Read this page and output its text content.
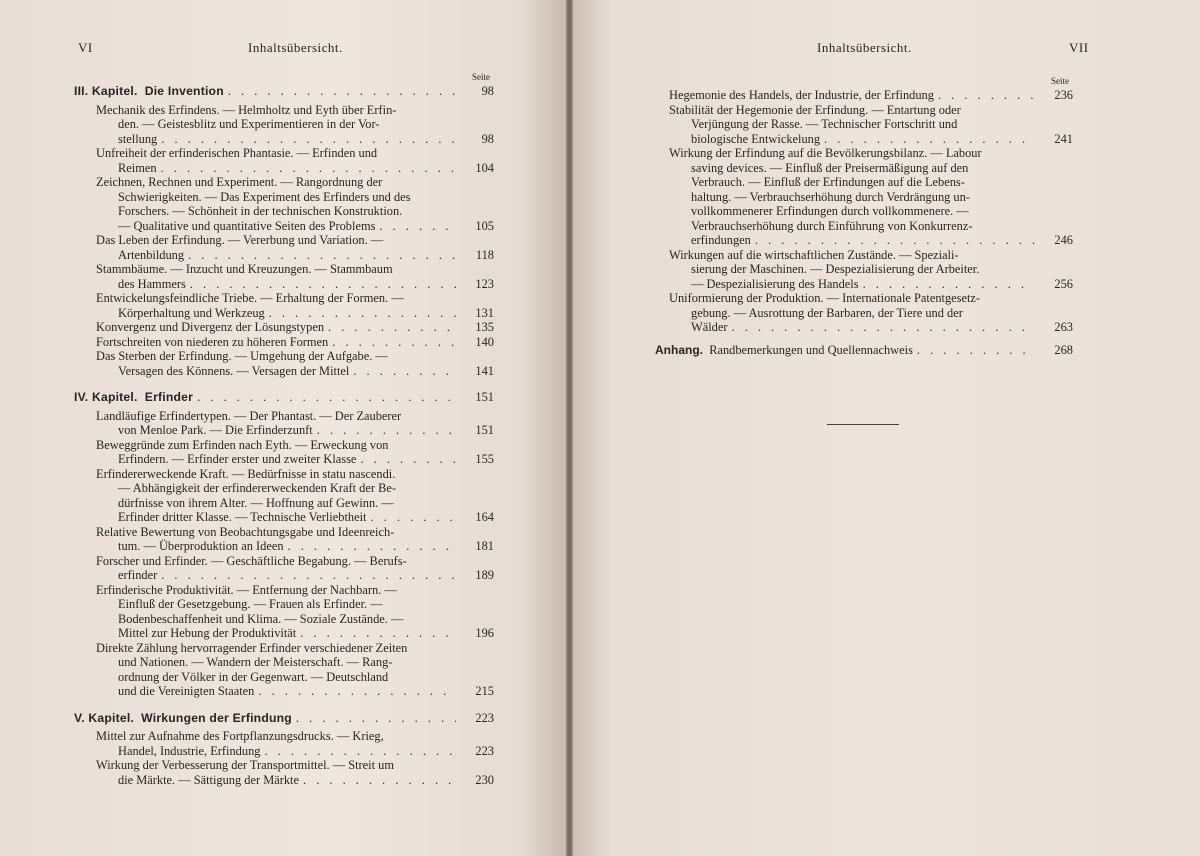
VI	Inhaltsübersicht.
Seite
III. Kapitel.  Die Invention . . .	98
Mechanik des Erfindens. — Helmholtz und Eyth über Erfin-
den. — Geistesblitz und Experimentieren in der Vor-
stellung . . .	98
Unfreiheit der erfinderischen Phantasie. — Erfinden und
Reimen . . .	104
Zeichnen, Rechnen und Experiment. — Rangordnung der
Schwierigkeiten. — Das Experiment des Erfinders und des
Forschers. — Schönheit in der technischen Konstruktion.
— Qualitative und quantitative Seiten des Problems . . .	105
Das Leben der Erfindung. — Vererbung und Variation. —
Artenbildung . . .	118
Stammbäume. — Inzucht und Kreuzungen. — Stammbaum
des Hammers . . .	123
Entwickelungsfeindliche Triebe. — Erhaltung der Formen. —
Körperhaltung und Werkzeug . . .	131
Konvergenz und Divergenz der Lösungstypen . . .	135
Fortschreiten von niederen zu höheren Formen . . .	140
Das Sterben der Erfindung. — Umgehung der Aufgabe. —
Versagen des Könnens. — Versagen der Mittel . . .	141
IV. Kapitel.  Erfinder . . .	151
Landläufige Erfindertypen. — Der Phantast. — Der Zauberer
von Menloe Park. — Die Erfinderzunft . . .	151
Beweggründe zum Erfinden nach Eyth. — Erweckung von
Erfindern. — Erfinder erster und zweiter Klasse . . .	155
Erfindererweckende Kraft. — Bedürfnisse in statu nascendi.
— Abhängigkeit der erfindererweckenden Kraft der Be-
dürfnisse von ihrem Alter. — Hoffnung auf Gewinn. —
Erfinder dritter Klasse. — Technische Verliebtheit . . .	164
Relative Bewertung von Beobachtungsgabe und Ideenreich-
tum. — Überproduktion an Ideen . . .	181
Forscher und Erfinder. — Geschäftliche Begabung. — Berufs-
erfinder . . .	189
Erfinderische Produktivität. — Entfernung der Nachbarn. —
Einfluß der Gesetzgebung. — Frauen als Erfinder. —
Bodenbeschaffenheit und Klima. — Soziale Zustände. —
Mittel zur Hebung der Produktivität . . .	196
Direkte Zählung hervorragender Erfinder verschiedener Zeiten
und Nationen. — Wandern der Meisterschaft. — Rang-
ordnung der Völker in der Gegenwart. — Deutschland
und die Vereinigten Staaten . . .	215
V. Kapitel.  Wirkungen der Erfindung . . .	223
Mittel zur Aufnahme des Fortpflanzungsdrucks. — Krieg,
Handel, Industrie, Erfindung . . .	223
Wirkung der Verbesserung der Transportmittel. — Streit um
die Märkte. — Sättigung der Märkte . . .	230
Inhaltsübersicht.	VII
Seite
Hegemonie des Handels, der Industrie, der Erfindung . . .	236
Stabilität der Hegemonie der Erfindung. — Entartung oder
Verjüngung der Rasse. — Technischer Fortschritt und
biologische Entwickelung . . .	241
Wirkung der Erfindung auf die Bevölkerungsbilanz. — Labour
saving devices. — Einfluß der Preisermäßigung auf den
Verbrauch. — Einfluß der Erfindungen auf die Lebens-
haltung. — Verbrauchserhöhung durch Verdrängung un-
vollkommenerer Erfindungen durch vollkommenere. —
Verbrauchserhöhung durch Einführung von Konkurrenz-
erfindungen . . .	246
Wirkungen auf die wirtschaftlichen Zustände. — Speziali-
sierung der Maschinen. — Despezialisierung der Arbeiter.
— Despezialisierung des Handels . . .	256
Uniformierung der Produktion. — Internationale Patentgesetz-
gebung. — Ausrottung der Barbaren, der Tiere und der
Wälder . . .	263
Anhang.  Randbemerkungen und Quellennachweis . . .	268
